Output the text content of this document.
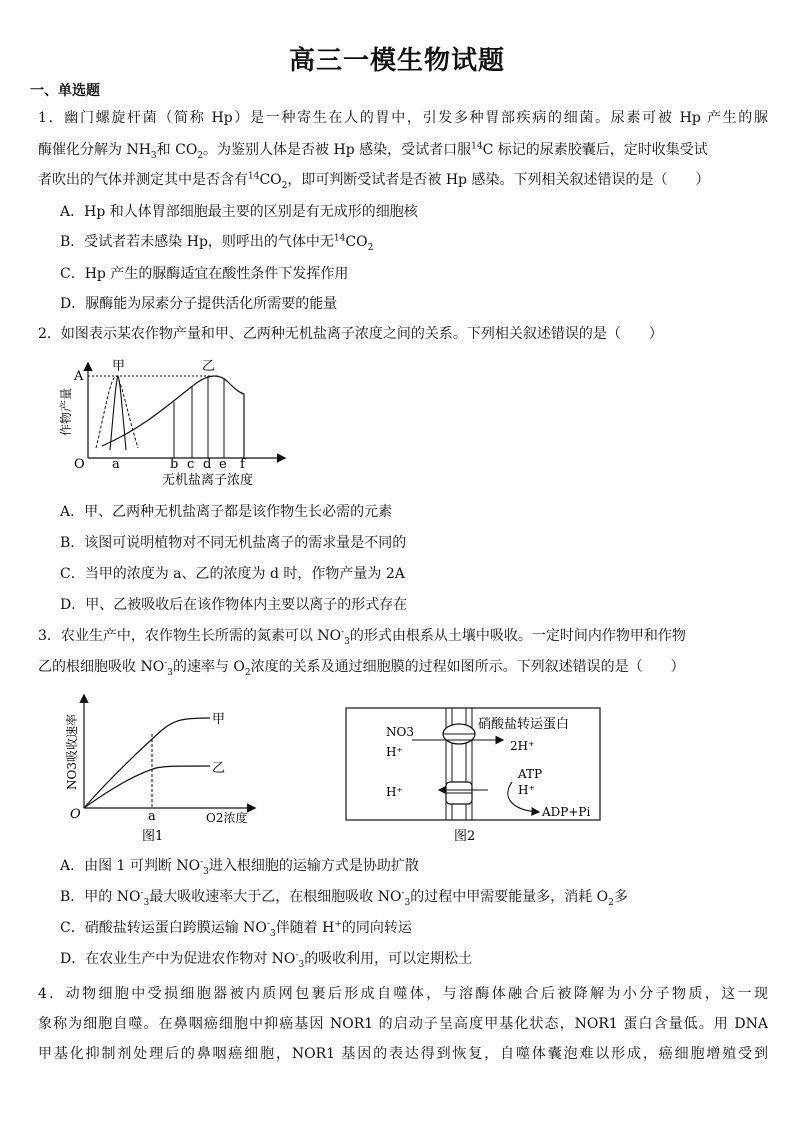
高三一模生物试题
一、单选题
1．幽门螺旋杆菌（简称 Hp）是一种寄生在人的胃中，引发多种胃部疾病的细菌。尿素可被 Hp 产生的脲
酶催化分解为 $NH_3$和 $CO_2$。为鉴别人体是否被 Hp 感染，受试者口服$^{14}$C 标记的尿素胶囊后，定时收集受试
者吹出的气体并测定其中是否含有$^{14}CO_2$，即可判断受试者是否被 Hp 感染。下列相关叙述错误的是（　　）
A．Hp 和人体胃部细胞最主要的区别是有无成形的细胞核
B．受试者若未感染 Hp，则呼出的气体中无$^{14}CO_2$
C．Hp 产生的脲酶适宜在酸性条件下发挥作用
D．脲酶能为尿素分子提供活化所需要的能量
2．如图表示某农作物产量和甲、乙两种无机盐离子浓度之间的关系。下列相关叙述错误的是（　　）
A
O a
甲	乙
b c d e f
无机盐离子浓度
作物产量
A．甲、乙两种无机盐离子都是该作物生长必需的元素
B．该图可说明植物对不同无机盐离子的需求量是不同的
C．当甲的浓度为 a、乙的浓度为 d 时，作物产量为 2A
D．甲、乙被吸收后在该作物体内主要以离子的形式存在
3．农业生产中，农作物生长所需的氮素可以 $NO^-_3$的形式由根系从土壤中吸收。一定时间内作物甲和作物
乙的根细胞吸收 $NO^-_3$的速率与 $O_2$浓度的关系及通过细胞膜的过程如图所示。下列叙述错误的是（　　）
甲
乙
O	a	O2浓度
NO3吸收速率
图1
NO3
H⁺
硝酸盐转运蛋白
2H⁺
H⁺
ATP
H⁺
ADP+Pi
图2
A．由图 1 可判断 $NO^-_3$进入根细胞的运输方式是协助扩散
B．甲的 $NO^-_3$最大吸收速率大于乙，在根细胞吸收 $NO^-_3$的过程中甲需要能量多，消耗 $O_2$多
C．硝酸盐转运蛋白跨膜运输 $NO^-_3$伴随着 H+的同向转运
D．在农业生产中为促进农作物对 $NO^-_3$的吸收利用，可以定期松土
4．动物细胞中受损细胞器被内质网包裹后形成自噬体，与溶酶体融合后被降解为小分子物质，这一现
象称为细胞自噬。在鼻咽癌细胞中抑癌基因 NOR1 的启动子呈高度甲基化状态，NOR1 蛋白含量低。用 DNA
甲基化抑制剂处理后的鼻咽癌细胞，NOR1 基因的表达得到恢复，自噬体囊泡难以形成，癌细胞增殖受到
